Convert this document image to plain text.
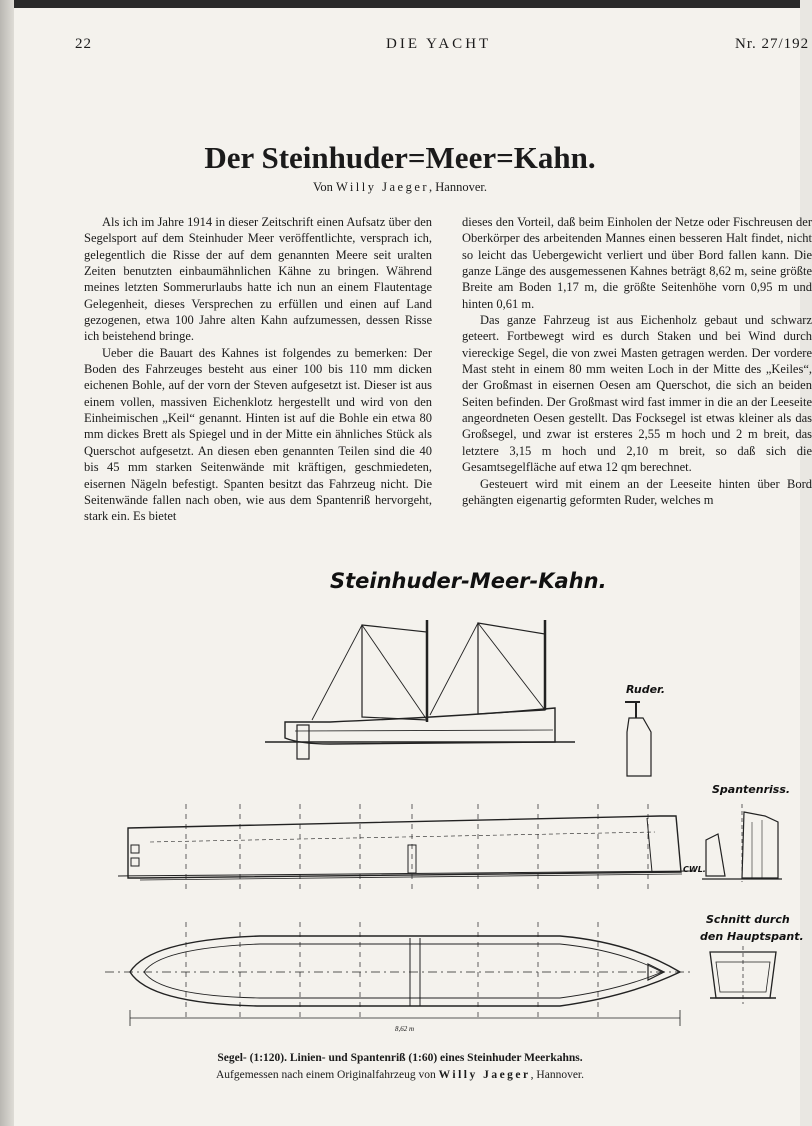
22	DIE YACHT	Nr. 27/192
Der Steinhuder=Meer=Kahn.
Von Willy Jaeger, Hannover.

Als ich im Jahre 1914 in dieser Zeitschrift einen Aufsatz über den Segelsport auf dem Steinhuder Meer veröffentlichte, versprach ich, gelegentlich die Risse der auf dem genannten Meere seit uralten Zeiten benutzten einbaumähnlichen Kähne zu bringen. Während meines letzten Sommerurlaubs hatte ich nun an einem Flautentage Gelegenheit, dieses Versprechen zu erfüllen und einen auf Land gezogenen, etwa 100 Jahre alten Kahn aufzumessen, dessen Risse ich beistehend bringe.

Ueber die Bauart des Kahnes ist folgendes zu bemerken: Der Boden des Fahrzeuges besteht aus einer 100 bis 110 mm dicken eichenen Bohle, auf der vorn der Steven aufgesetzt ist. Dieser ist aus einem vollen, massiven Eichenklotz hergestellt und wird von den Einheimischen „Keil“ genannt. Hinten ist auf die Bohle ein etwa 80 mm dickes Brett als Spiegel und in der Mitte ein ähnliches Stück als Querschot aufgesetzt. An diesen eben genannten Teilen sind die 40 bis 45 mm starken Seitenwände mit kräftigen, geschmiedeten, eisernen Nägeln befestigt. Spanten besitzt das Fahrzeug nicht. Die Seitenwände fallen nach oben, wie aus dem Spantenriß hervorgeht, stark ein. Es bietet

dieses den Vorteil, daß beim Einholen der Netze oder Fischreusen der Oberkörper des arbeitenden Mannes einen besseren Halt findet, nicht so leicht das Uebergewicht verliert und über Bord fallen kann. Die ganze Länge des ausgemessenen Kahnes beträgt 8,62 m, seine größte Breite am Boden 1,17 m, die größte Seitenhöhe vorn 0,95 m und hinten 0,61 m.

Das ganze Fahrzeug ist aus Eichenholz gebaut und schwarz geteert. Fortbewegt wird es durch Staken und bei Wind durch viereckige Segel, die von zwei Masten getragen werden. Der vordere Mast steht in einem 80 mm weiten Loch in der Mitte des „Keiles“, der Großmast in eisernen Oesen am Querschot, die sich an beiden Seiten befinden. Der Großmast wird fast immer in die an der Leeseite angeordneten Oesen gestellt. Das Focksegel ist etwas kleiner als das Großsegel, und zwar ist ersteres 2,55 m hoch und 2 m breit, das letztere 3,15 m hoch und 2,10 m breit, so daß sich die Gesamtsegelfläche auf etwa 12 qm berechnet.

Gesteuert wird mit einem an der Leeseite hinten über Bord gehängten eigenartig geformten Ruder, welches m

Steinhuder-Meer-Kahn.
Ruder.
CWL.
Spantenriss.
8,62 m
Schnitt durch
den Hauptspant.
Segel- (1:120). Linien- und Spantenriß (1:60) eines Steinhuder Meerkahns.
Aufgemessen nach einem Originalfahrzeug von Willy Jaeger, Hannover.
